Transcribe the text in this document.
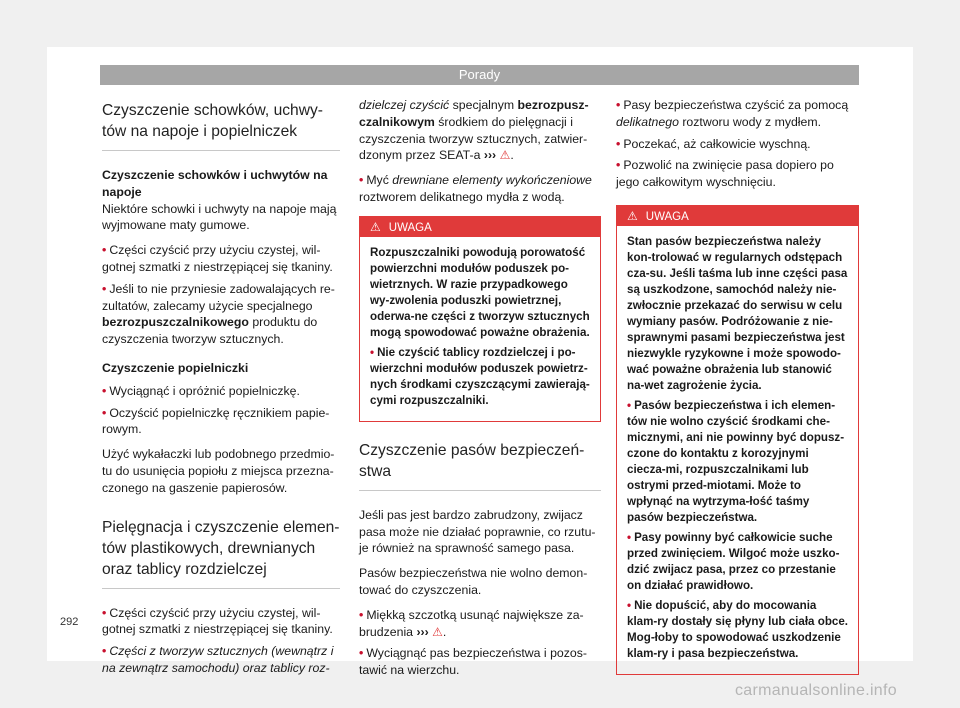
Porady
Czyszczenie schowków, uchwy-tów na napoje i popielniczek

Czyszczenie schowków i uchwytów na napoje

Niektóre schowki i uchwyty na napoje mają wyjmowane maty gumowe.

• Części czyścić przy użyciu czystej, wil-gotnej szmatki z niestrzępiącej się tkaniny.

• Jeśli to nie przyniesie zadowalających re-zultatów, zalecamy użycie specjalnego bezrozpuszczalnikowego produktu do czyszczenia tworzyw sztucznych.

Czyszczenie popielniczki

• Wyciągnąć i opróżnić popielniczkę.

• Oczyścić popielniczkę ręcznikiem papie-rowym.

Użyć wykałaczki lub podobnego przedmio-tu do usunięcia popiołu z miejsca przezna-czonego na gaszenie papierosów.

Pielęgnacja i czyszczenie elemen-tów plastikowych, drewnianych oraz tablicy rozdzielczej

• Części czyścić przy użyciu czystej, wil-gotnej szmatki z niestrzępiącej się tkaniny.

• Części z tworzyw sztucznych (wewnątrz i na zewnątrz samochodu) oraz tablicy roz-

dzielczej czyścić specjalnym bezrozpusz-czalnikowym środkiem do pielęgnacji i czyszczenia tworzyw sztucznych, zatwier-dzonym przez SEAT-a ››› ⚠.

• Myć drewniane elementy wykończeniowe roztworem delikatnego mydła z wodą.

⚠ UWAGA

Rozpuszczalniki powodują porowatość powierzchni modułów poduszek po-wietrznych. W razie przypadkowego wy-zwolenia poduszki powietrznej, oderwa-ne części z tworzyw sztucznych mogą spowodować poważne obrażenia.

• Nie czyścić tablicy rozdzielczej i po-wierzchni modułów poduszek powietrz-nych środkami czyszczącymi zawierają-cymi rozpuszczalniki.

Czyszczenie pasów bezpieczeń-stwa

Jeśli pas jest bardzo zabrudzony, zwijacz pasa może nie działać poprawnie, co rzutu-je również na sprawność samego pasa.

Pasów bezpieczeństwa nie wolno demon-tować do czyszczenia.

• Miękką szczotką usunąć największe za-brudzenia ››› ⚠.

• Wyciągnąć pas bezpieczeństwa i pozos-tawić na wierzchu.

• Pasy bezpieczeństwa czyścić za pomocą delikatnego roztworu wody z mydłem.

• Poczekać, aż całkowicie wyschną.

• Pozwolić na zwinięcie pasa dopiero po jego całkowitym wyschnięciu.

⚠ UWAGA

Stan pasów bezpieczeństwa należy kon-trolować w regularnych odstępach cza-su. Jeśli taśma lub inne części pasa są uszkodzone, samochód należy nie-zwłocznie przekazać do serwisu w celu wymiany pasów. Podróżowanie z nie-sprawnymi pasami bezpieczeństwa jest niezwykle ryzykowne i może spowodo-wać poważne obrażenia lub stanowić na-wet zagrożenie życia.

• Pasów bezpieczeństwa i ich elemen-tów nie wolno czyścić środkami che-micznymi, ani nie powinny być dopusz-czone do kontaktu z korozyjnymi ciecza-mi, rozpuszczalnikami lub ostrymi przed-miotami. Może to wpłynąć na wytrzyma-łość taśmy pasów bezpieczeństwa.

• Pasy powinny być całkowicie suche przed zwinięciem. Wilgoć może uszko-dzić zwijacz pasa, przez co przestanie on działać prawidłowo.

• Nie dopuścić, aby do mocowania klam-ry dostały się płyny lub ciała obce. Mog-łoby to spowodować uszkodzenie klam-ry i pasa bezpieczeństwa.

292
carmanualsonline.info
